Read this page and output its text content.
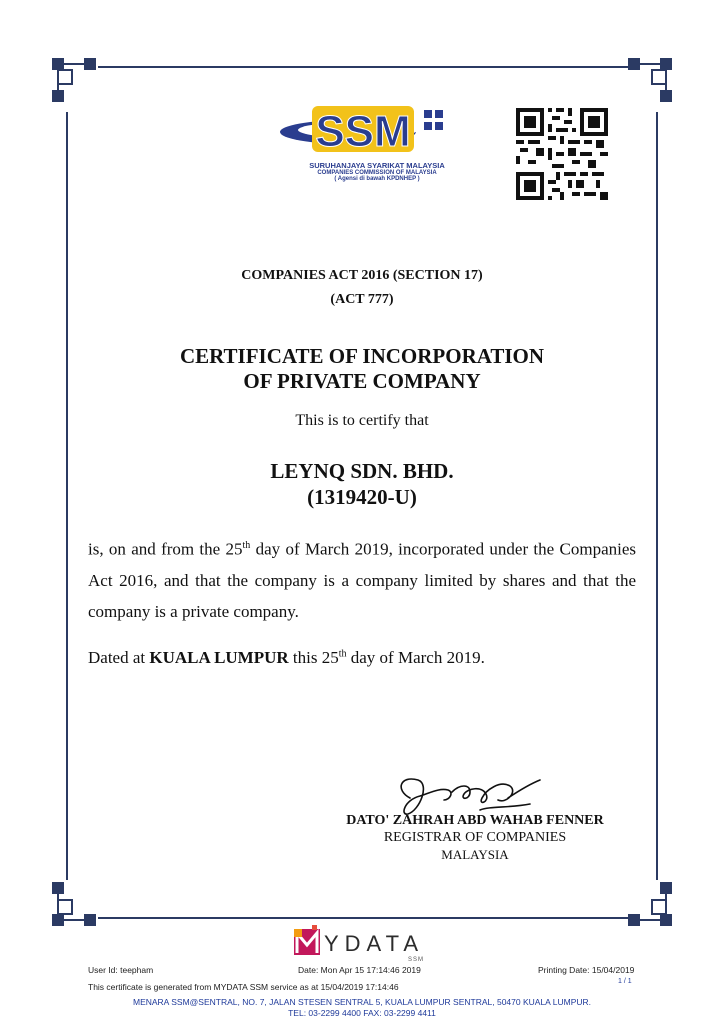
SSM
SURUHANJAYA SYARIKAT MALAYSIA
COMPANIES COMMISSION OF MALAYSIA
( Agensi di bawah KPDNHEP )
COMPANIES ACT 2016 (SECTION 17)
(ACT 777)
CERTIFICATE OF INCORPORATION
OF PRIVATE COMPANY
This is to certify that
LEYNQ SDN. BHD.
(1319420-U)
is, on and from the 25th day of March 2019, incorporated under the Companies Act 2016, and that the company is a company limited by shares and that the company is a private company.
Dated at KUALA LUMPUR this 25th day of March 2019.
DATO' ZAHRAH ABD WAHAB FENNER
REGISTRAR OF COMPANIES
MALAYSIA
YDATA
SSM
User Id: teepham	Date: Mon Apr 15 17:14:46 2019	Printing Date: 15/04/2019
This certificate is generated from MYDATA SSM service as at 15/04/2019 17:14:46
1 / 1
MENARA SSM@SENTRAL, NO. 7, JALAN STESEN SENTRAL 5, KUALA LUMPUR SENTRAL, 50470 KUALA LUMPUR.
TEL: 03-2299 4400 FAX: 03-2299 4411
